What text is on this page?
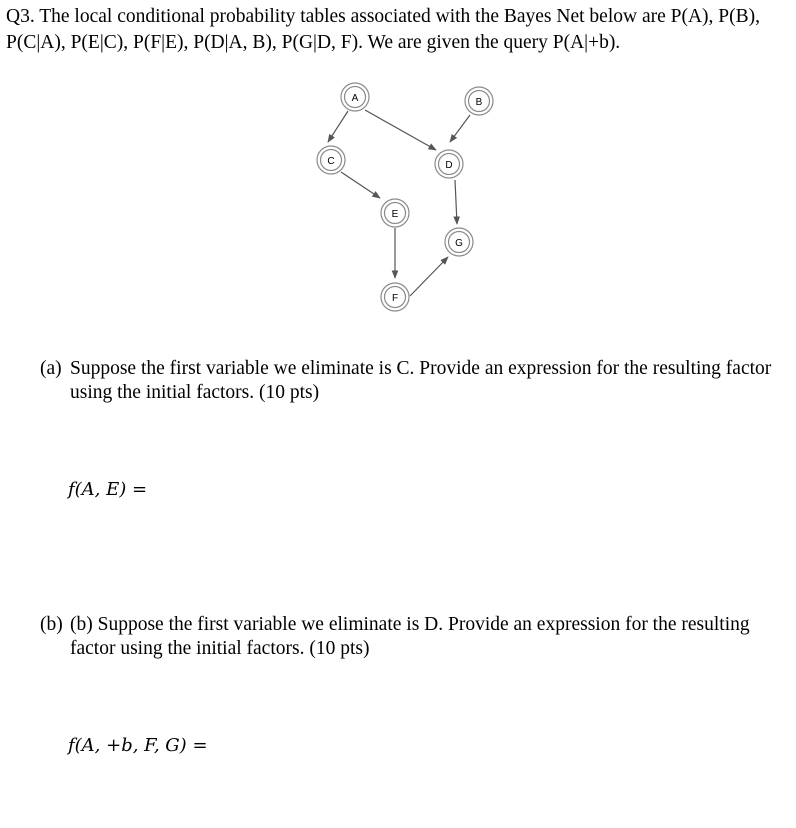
Q3. The local conditional probability tables associated with the Bayes Net below are P(A), P(B),

P(C|A), P(E|C), P(F|E), P(D|A, B), P(G|D, F). We are given the query P(A|+b).

A	B
C	D
E
F
G
(a) Suppose the first variable we eliminate is C. Provide an expression for the resulting factor using the initial factors. (10 pts)
f(A, E) =
(b) (b) Suppose the first variable we eliminate is D. Provide an expression for the resulting factor using the initial factors. (10 pts)
f(A, +b, F, G) =
